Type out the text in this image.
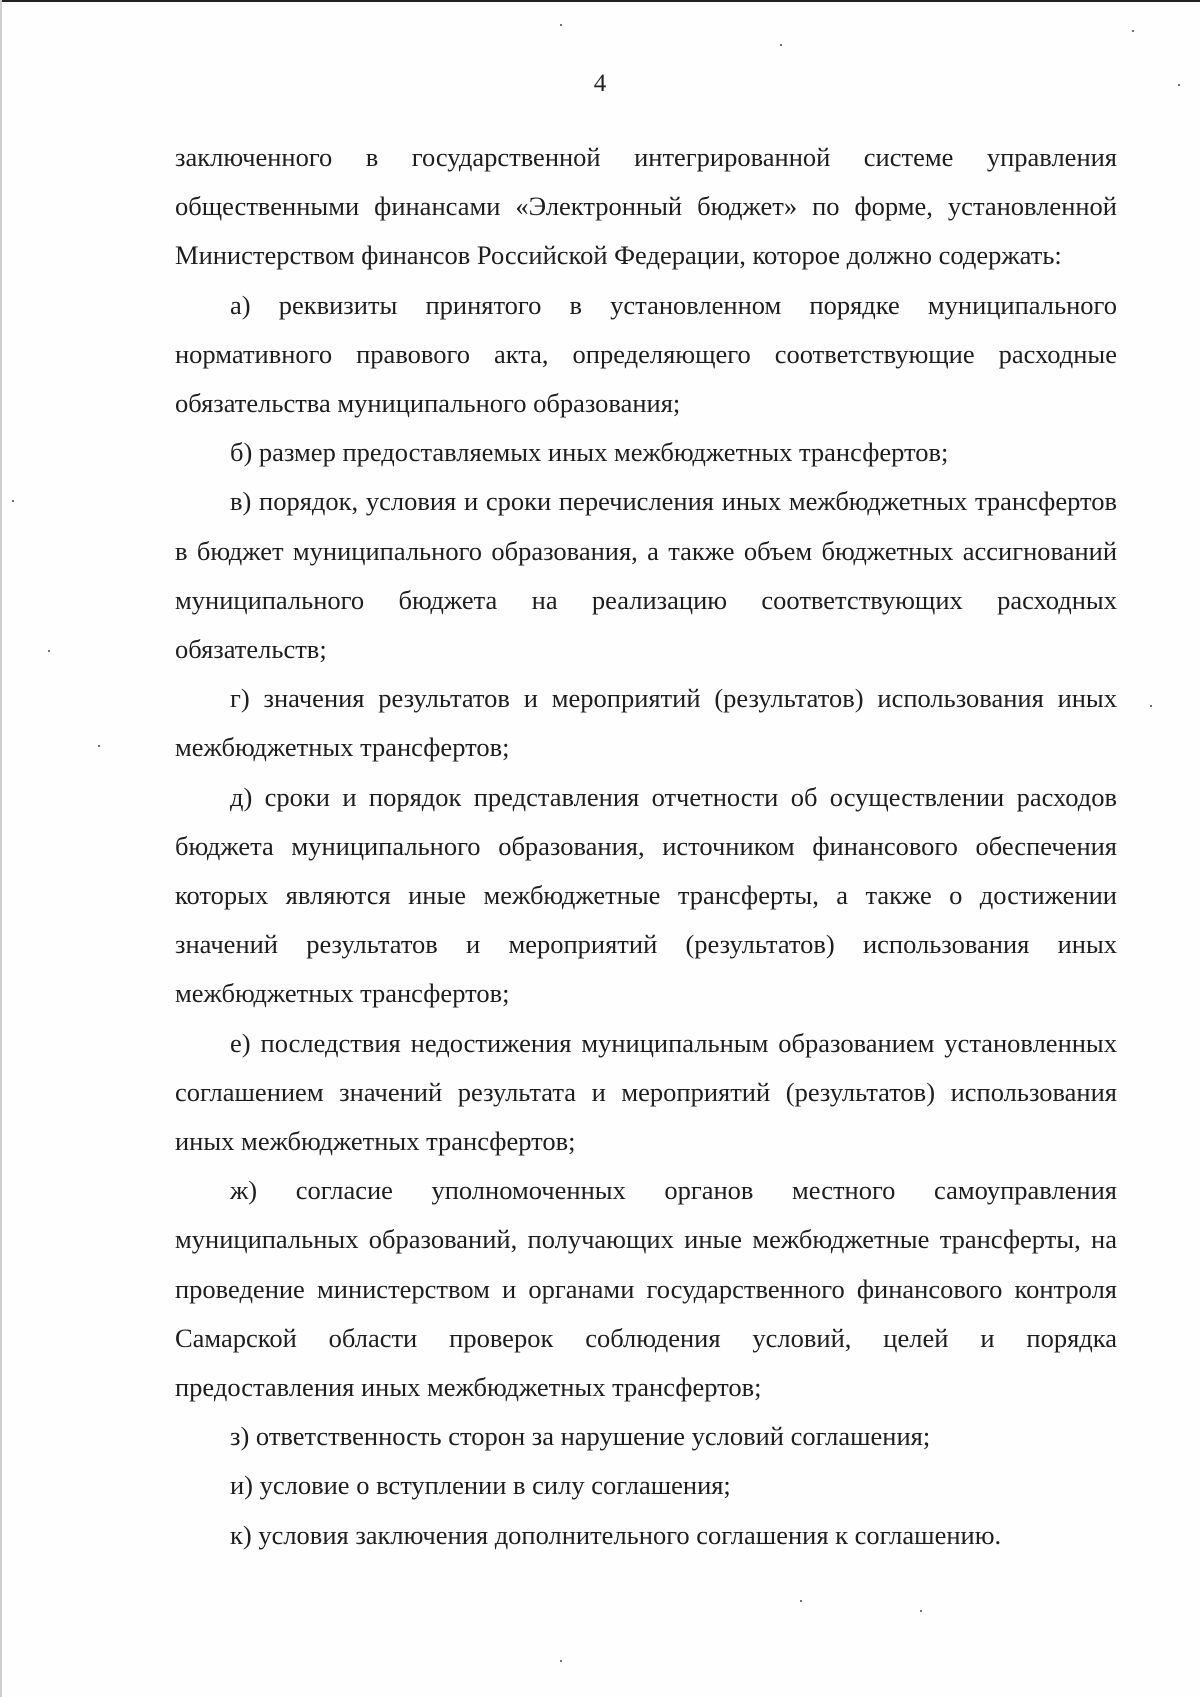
4

заключенного в государственной интегрированной системе управления общественными финансами «Электронный бюджет» по форме, установленной Министерством финансов Российской Федерации, которое должно содержать:

а) реквизиты принятого в установленном порядке муниципального нормативного правового акта, определяющего соответствующие расходные обязательства муниципального образования;

б) размер предоставляемых иных межбюджетных трансфертов;

в) порядок, условия и сроки перечисления иных межбюджетных трансфертов в бюджет муниципального образования, а также объем бюджетных ассигнований муниципального бюджета на реализацию соответствующих расходных обязательств;

г) значения результатов и мероприятий (результатов) использования иных межбюджетных трансфертов;

д) сроки и порядок представления отчетности об осуществлении расходов бюджета муниципального образования, источником финансового обеспечения которых являются иные межбюджетные трансферты, а также о достижении значений результатов и мероприятий (результатов) использования иных межбюджетных трансфертов;

е) последствия недостижения муниципальным образованием установленных соглашением значений результата и мероприятий (результатов) использования иных межбюджетных трансфертов;

ж) согласие уполномоченных органов местного самоуправления муниципальных образований, получающих иные межбюджетные трансферты, на проведение министерством и органами государственного финансового контроля Самарской области проверок соблюдения условий, целей и порядка предоставления иных межбюджетных трансфертов;

з) ответственность сторон за нарушение условий соглашения;

и) условие о вступлении в силу соглашения;

к) условия заключения дополнительного соглашения к соглашению.
